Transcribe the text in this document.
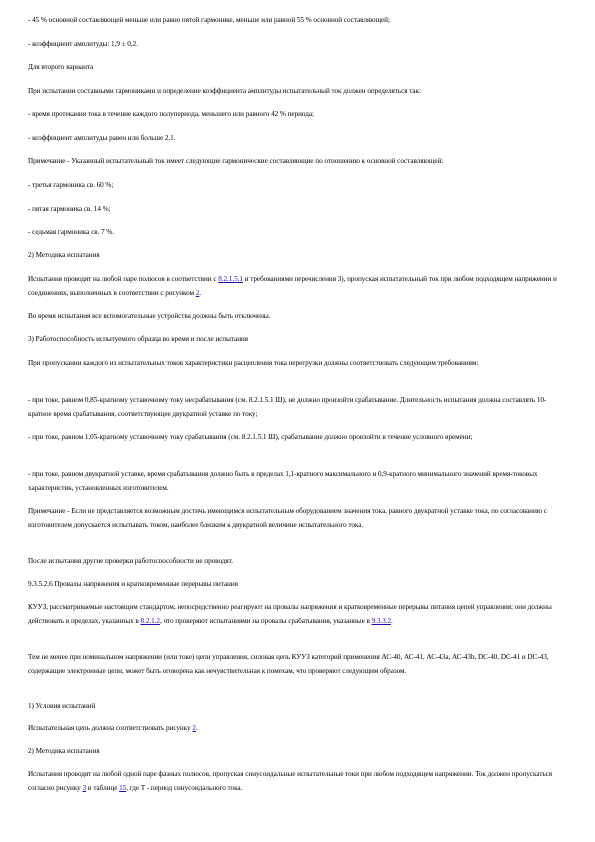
- 45 % основной составляющей меньше или равно пятой гармонике, меньше или равной 55 % основной составляющей;
- коэффициент амплитуды: 1,9 ± 0,2.
Для второго варианта
При испытании составными гармониками и определение коэффициента амплитуды испытательный ток должен определяться так:
- время протекания тока в течение каждого полупериода, меньшего или равного 42 % периода;
- коэффициент амплитуды равен или больше 2,1.
Примечание - Указанный испытательный ток имеет следующие гармонические составляющие по отношению к основной составляющей:
- третья гармоника св. 60 %;
- пятая гармоника св. 14 %;
- седьмая гармоника св. 7 %.
2) Методика испытания
Испытания проводят на любой паре полюсов в соответствии с 8.2.1.5.1 и требованиями перечисления 3), пропуская испытательный ток при любом подходящем напряжении и соединениях, выполненных в соответствии с рисунком 2.
Во время испытания все вспомогательные устройства должны быть отключены.
3) Работоспособность испытуемого образца во время и после испытания
При пропускании каждого из испытательных токов характеристики расцепления тока перегрузки должны соответствовать следующим требованиям:
- при токе, равном 0,85-кратному уставочному току несрабатывания (см. 8.2.1.5.1 Ш), не должно произойти срабатывание. Длительность испытания должна составлять 10-кратное время срабатывания, соответствующее двукратной уставке по току;
- при токе, равном 1,05-кратному уставочному току срабатывания (см. 8.2.1.5.1 Ш), срабатывание должно произойти в течение условного времени;
- при токе, равном двукратной уставке, время срабатывания должно быть в пределах 1,1-кратного максимального и 0,9-кратного минимального значений время-токовых характеристик, установленных изготовителем.
Примечание - Если не представляется возможным достичь имеющимся испытательным оборудованием значения тока, равного двукратной уставке тока, по согласованию с изготовителем допускается испытывать током, наиболее близким к двукратной величине испытательного тока.
После испытания другие проверки работоспособности не проводят.
9.3.5.2.6 Провалы напряжения и кратковременные перерывы питания
КУУЗ, рассматриваемые настоящим стандартом, непосредственно реагируют на провалы напряжения и кратковременные перерывы питания цепей управления; они должны действовать в пределах, указанных в 8.2.1.2, что проверяют испытаниями на провалы срабатывания, указанные в 9.3.3.2.
Тем не менее при номинальном напряжении (или токе) цепи управления, силовая цепь КУУЗ категорий применения АС-40, АС-41, АС-43а, АС-43b, DC-40, DC-41 и DC-43, содержащие электронные цепи, может быть оговорена как нечувствительная к помехам, что проверяют следующим образом.
1) Условия испытаний
Испытательная цепь должна соответствовать рисунку 2.
2) Методика испытания
Испытания проводят на любой одной паре фазных полюсов, пропуская синусоидальные испытательные токи при любом подходящем напряжении. Ток должен пропускаться согласно рисунку 3 и таблице 15, где Т - период синусоидального тока.
